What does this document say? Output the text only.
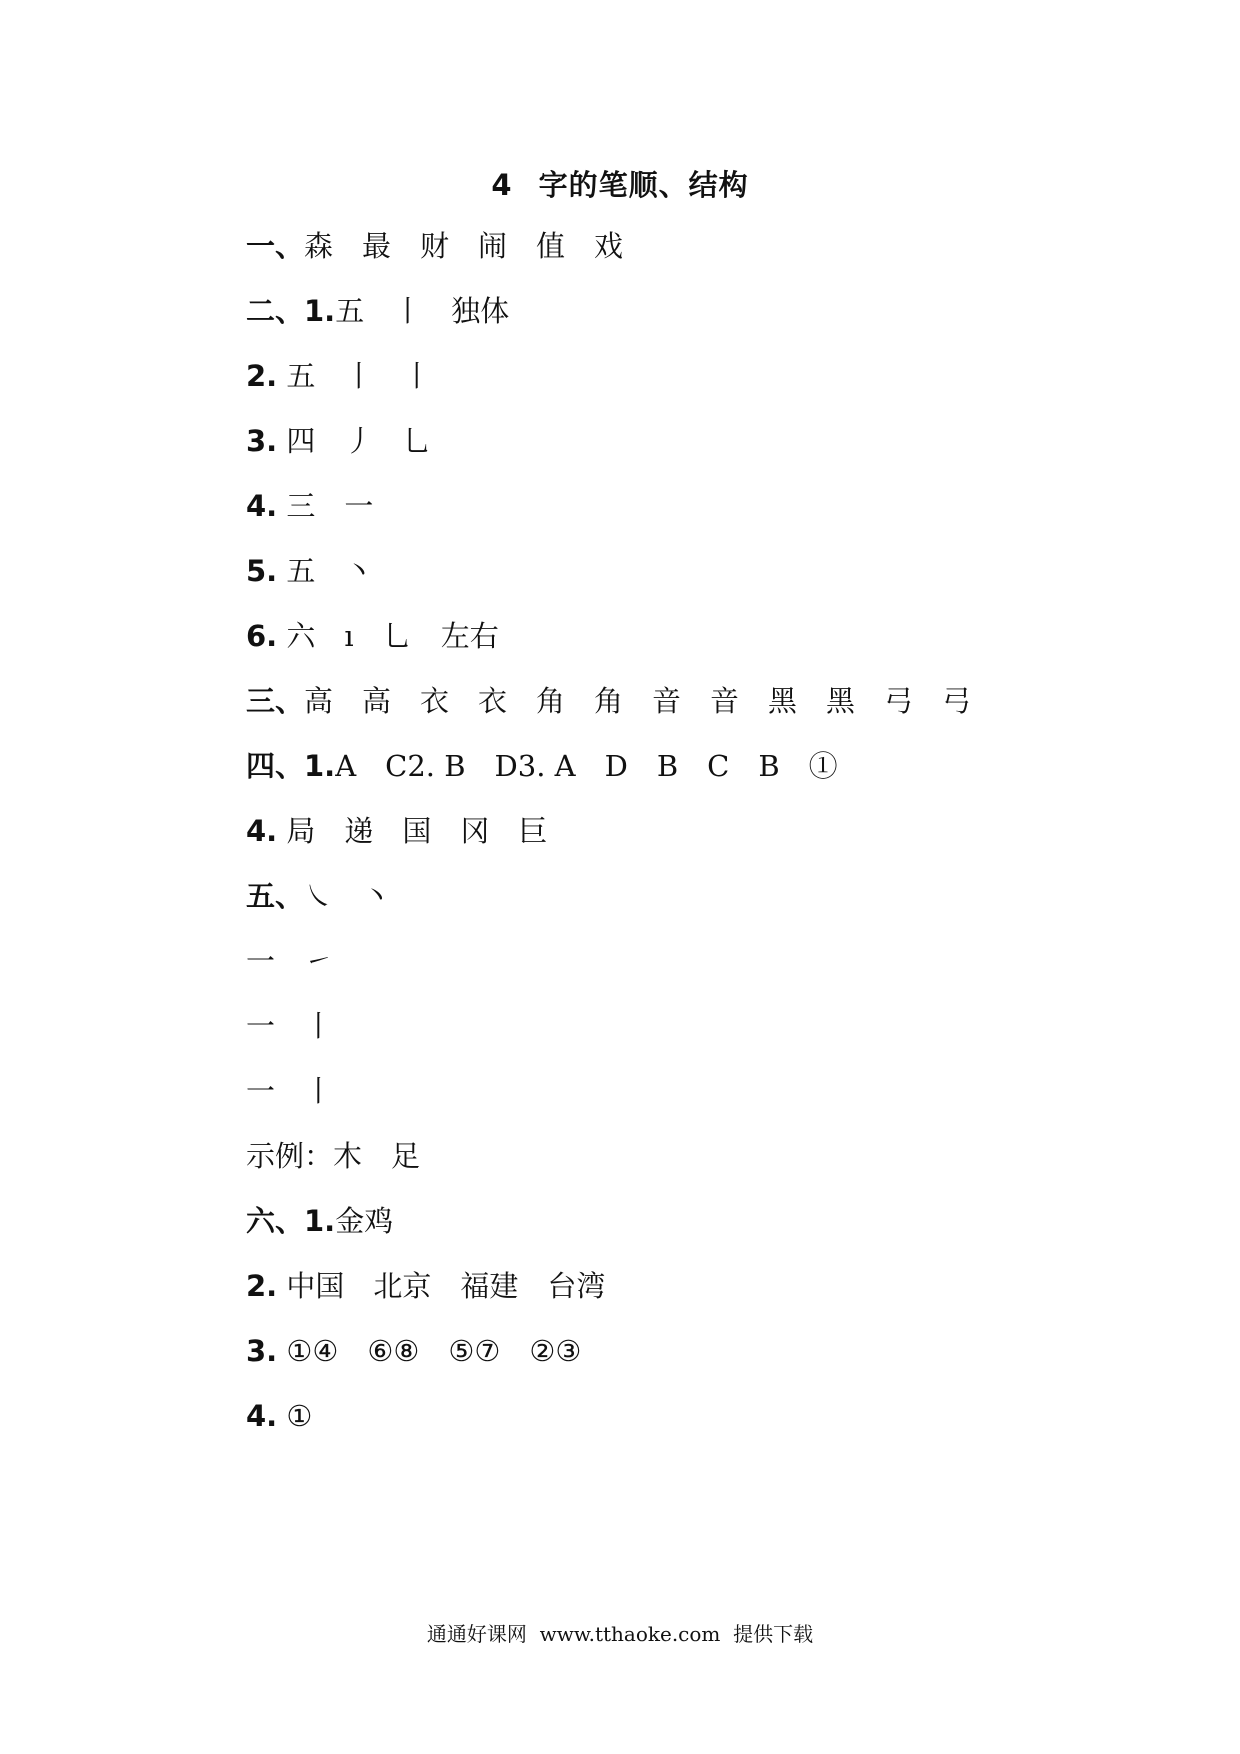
4 字的笔顺、结构
一、森　最　财　闹　值　戏
二、1.五　丨　独体
2. 五　丨　丨
3. 四　丿　乚
4. 三　一
5. 五　丶
6. 六　ı　乚　左右
三、高　高　衣　衣　角　角　音　音　黑　黑　弓　弓
四、1.A　C2. B　D3. A　D　B　C　B　①
4. 局　递　国　冈　巨
五、㇏　丶
一　㇀
一　丨
一　丨
示例：木　足
六、1.金鸡
2. 中国　北京　福建　台湾
3. ①④　⑥⑧　⑤⑦　②③
4. ①
通通好课网  www.tthaoke.com  提供下载
